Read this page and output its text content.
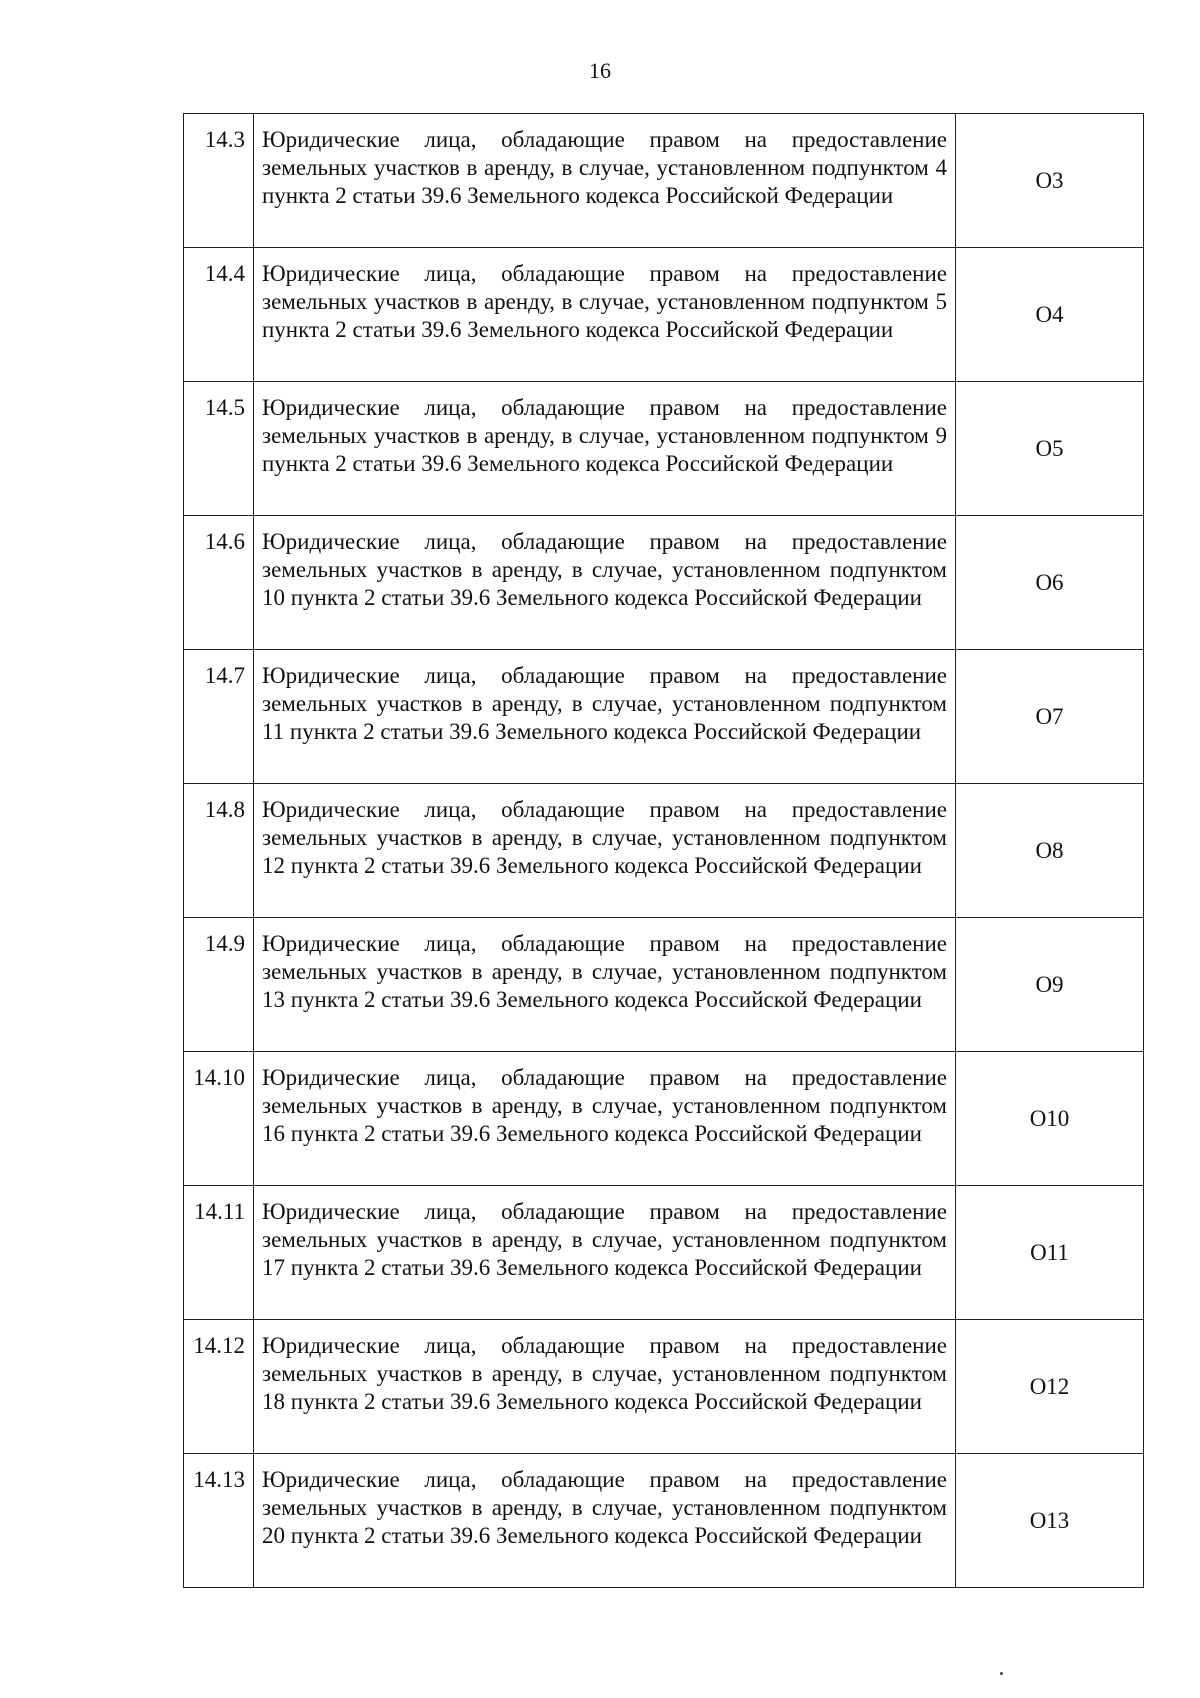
16
14.3	Юридические лица, обладающие правом на предоставление земельных участков в аренду, в случае, установленном подпунктом 4 пункта 2 статьи 39.6 Земельного кодекса Российской Федерации	О3
14.4	Юридические лица, обладающие правом на предоставление земельных участков в аренду, в случае, установленном подпунктом 5 пункта 2 статьи 39.6 Земельного кодекса Российской Федерации	О4
14.5	Юридические лица, обладающие правом на предоставление земельных участков в аренду, в случае, установленном подпунктом 9 пункта 2 статьи 39.6 Земельного кодекса Российской Федерации	О5
14.6	Юридические лица, обладающие правом на предоставление земельных участков в аренду, в случае, установленном подпунктом 10 пункта 2 статьи 39.6 Земельного кодекса Российской Федерации	О6
14.7	Юридические лица, обладающие правом на предоставление земельных участков в аренду, в случае, установленном подпунктом 11 пункта 2 статьи 39.6 Земельного кодекса Российской Федерации	О7
14.8	Юридические лица, обладающие правом на предоставление земельных участков в аренду, в случае, установленном подпунктом 12 пункта 2 статьи 39.6 Земельного кодекса Российской Федерации	О8
14.9	Юридические лица, обладающие правом на предоставление земельных участков в аренду, в случае, установленном подпунктом 13 пункта 2 статьи 39.6 Земельного кодекса Российской Федерации	О9
14.10	Юридические лица, обладающие правом на предоставление земельных участков в аренду, в случае, установленном подпунктом 16 пункта 2 статьи 39.6 Земельного кодекса Российской Федерации	О10
14.11	Юридические лица, обладающие правом на предоставление земельных участков в аренду, в случае, установленном подпунктом 17 пункта 2 статьи 39.6 Земельного кодекса Российской Федерации	О11
14.12	Юридические лица, обладающие правом на предоставление земельных участков в аренду, в случае, установленном подпунктом 18 пункта 2 статьи 39.6 Земельного кодекса Российской Федерации	О12
14.13	Юридические лица, обладающие правом на предоставление земельных участков в аренду, в случае, установленном подпунктом 20 пункта 2 статьи 39.6 Земельного кодекса Российской Федерации	О13
